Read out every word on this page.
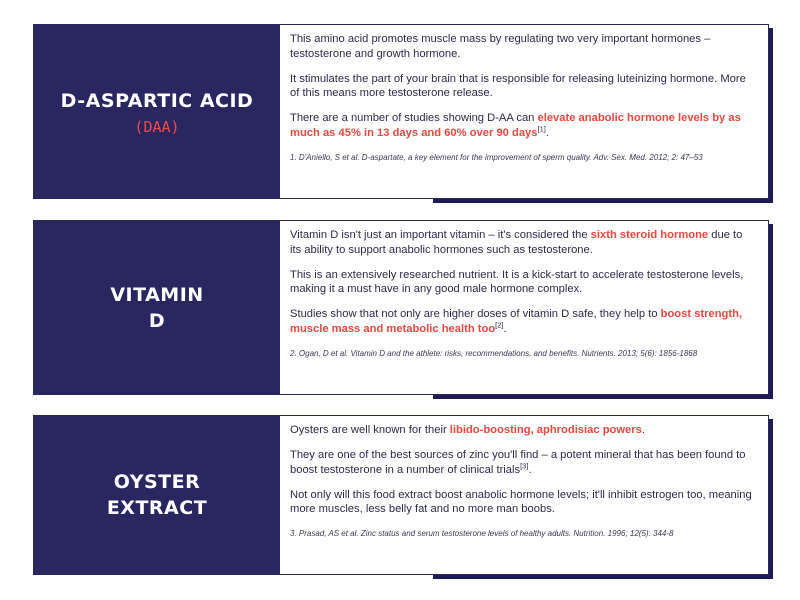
D-ASPARTIC ACID
(DAA)

This amino acid promotes muscle mass by regulating two very important hormones – testosterone and growth hormone.

It stimulates the part of your brain that is responsible for releasing luteinizing hormone. More of this means more testosterone release.

There are a number of studies showing D-AA can elevate anabolic hormone levels by as much as 45% in 13 days and 60% over 90 days[1].

1. D'Aniello, S et al. D-aspartate, a key element for the improvement of sperm quality. Adv. Sex. Med. 2012; 2: 47–53
VITAMIN
D

Vitamin D isn't just an important vitamin – it's considered the sixth steroid hormone due to its ability to support anabolic hormones such as testosterone.

This is an extensively researched nutrient. It is a kick-start to accelerate testosterone levels, making it a must have in any good male hormone complex.

Studies show that not only are higher doses of vitamin D safe, they help to boost strength, muscle mass and metabolic health too[2].

2. Ogan, D et al. Vitamin D and the athlete: risks, recommendations, and benefits. Nutrients. 2013; 5(6): 1856-1868
OYSTER
EXTRACT

Oysters are well known for their libido-boosting, aphrodisiac powers.

They are one of the best sources of zinc you'll find – a potent mineral that has been found to boost testosterone in a number of clinical trials[3].

Not only will this food extract boost anabolic hormone levels; it'll inhibit estrogen too, meaning more muscles, less belly fat and no more man boobs.

3. Prasad, AS et al. Zinc status and serum testosterone levels of healthy adults. Nutrition. 1996; 12(5): 344-8
